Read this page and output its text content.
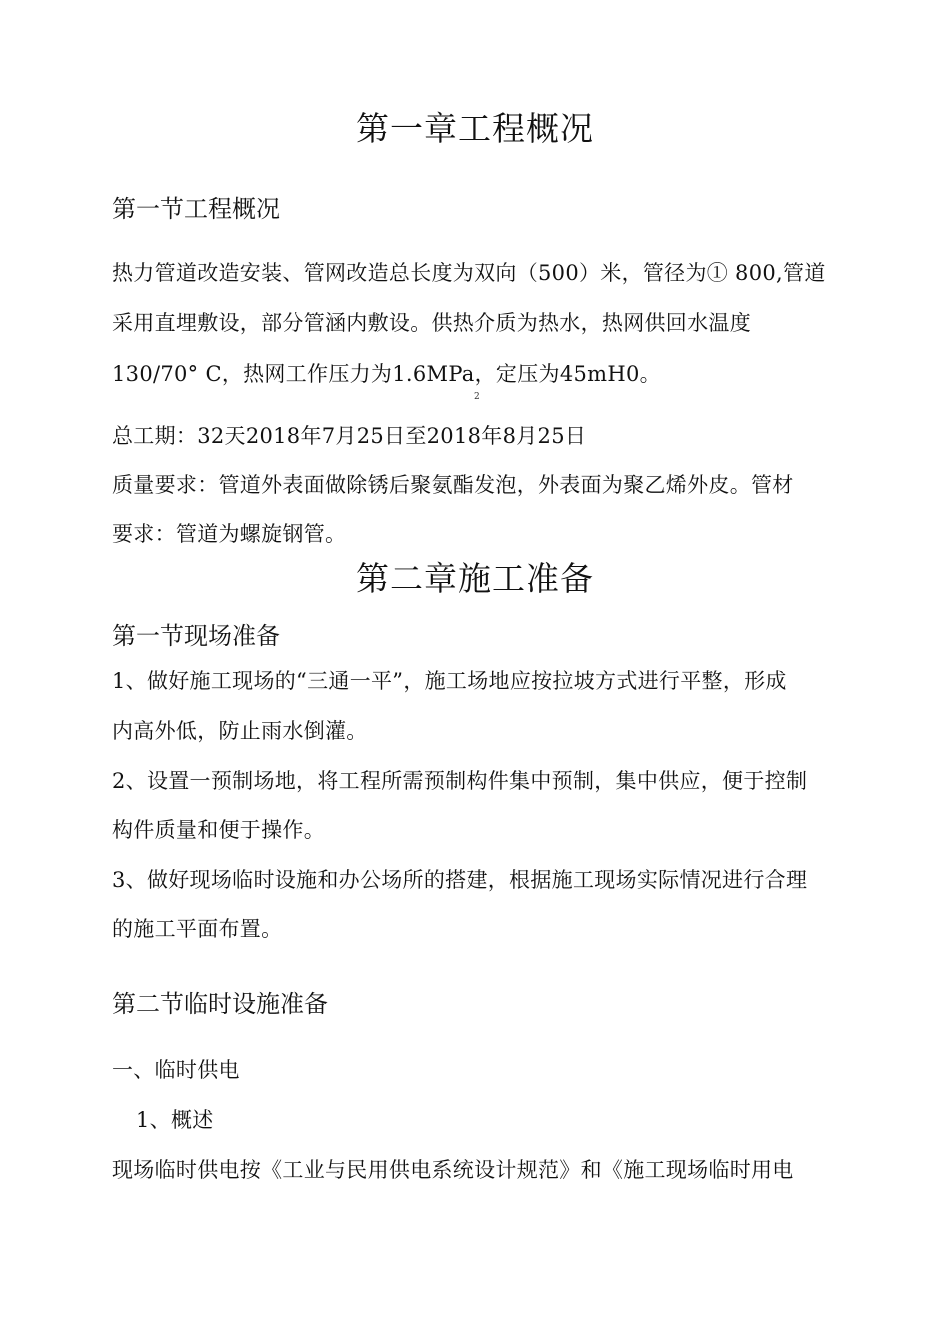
第一章工程概况
第一节工程概况
热力管道改造安装、管网改造总长度为双向（500）米，管径为① 800,管道
采用直埋敷设，部分管涵内敷设。供热介质为热水，热网供回水温度
130/70° C，热网工作压力为1.6MPa，定压为45mH0。
2
总工期：32天2018年7月25日至2018年8月25日
质量要求：管道外表面做除锈后聚氨酯发泡，外表面为聚乙烯外皮。管材
要求：管道为螺旋钢管。
第二章施工准备
第一节现场准备
1、做好施工现场的“三通一平”，施工场地应按拉坡方式进行平整，形成
内高外低，防止雨水倒灌。
2、设置一预制场地，将工程所需预制构件集中预制，集中供应，便于控制
构件质量和便于操作。
3、做好现场临时设施和办公场所的搭建，根据施工现场实际情况进行合理
的施工平面布置。
第二节临时设施准备
一、临时供电
1、概述
现场临时供电按《工业与民用供电系统设计规范》和《施工现场临时用电
